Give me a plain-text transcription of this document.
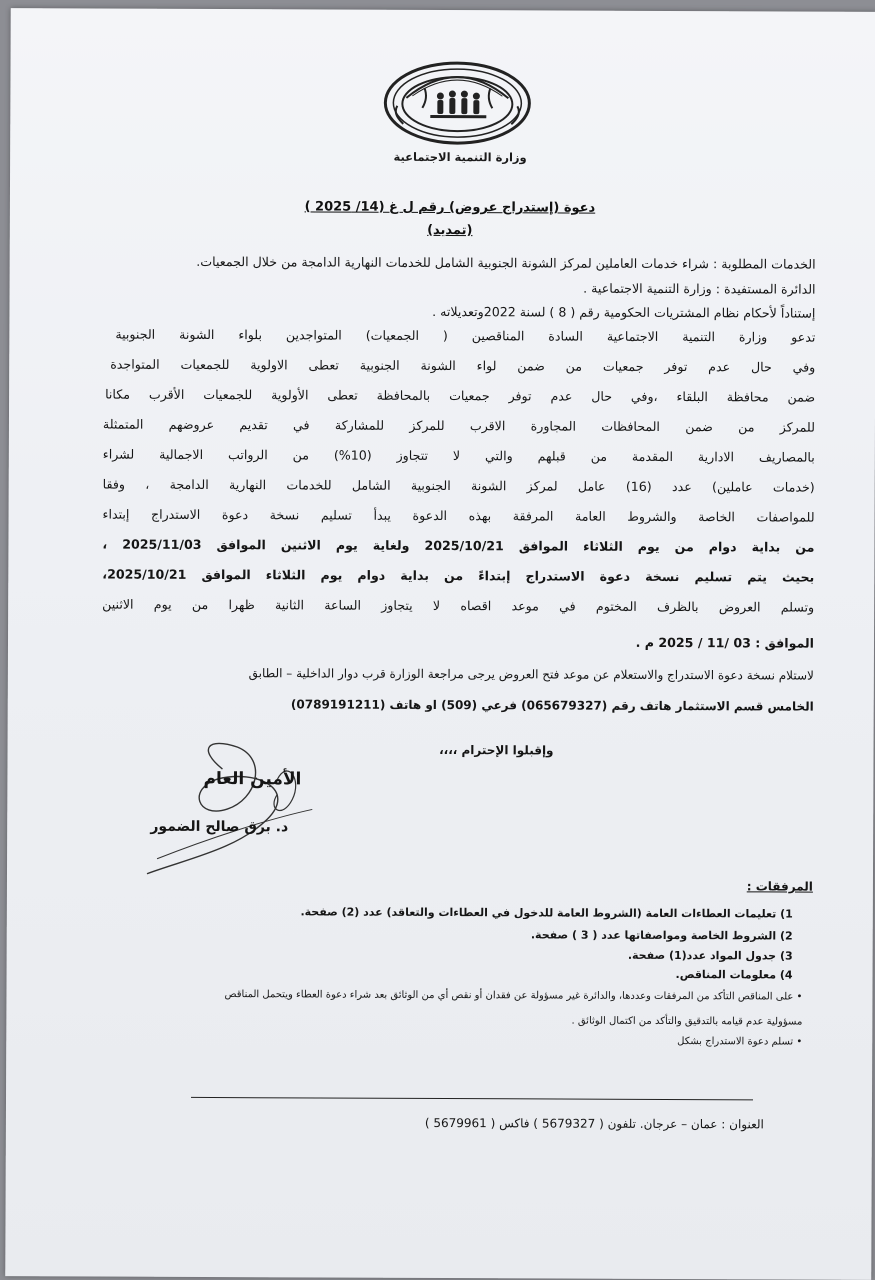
وزارة التنمية الاجتماعية
دعوة (إستدراج عروض) رقم ل غ (14/ 2025 )
(تمديد)
الخدمات المطلوبة : شراء خدمات العاملين لمركز الشونة الجنوبية الشامل للخدمات النهارية الدامجة من خلال الجمعيات.
الدائرة المستفيدة : وزارة التنمية الاجتماعية .
إستناداً لأحكام نظام المشتريات الحكومية رقم ( 8 ) لسنة 2022وتعديلاته .
تدعو وزارة التنمية الاجتماعية السادة المناقصين ( الجمعيات) المتواجدين بلواء الشونة الجنوبية
وفي حال عدم توفر جمعيات من ضمن لواء الشونة الجنوبية تعطى الاولوية للجمعيات المتواجدة
ضمن محافظة البلقاء ،وفي حال عدم توفر جمعيات بالمحافظة تعطى الأولوية للجمعيات الأقرب مكانا
للمركز من ضمن المحافظات المجاورة الاقرب للمركز للمشاركة في تقديم عروضهم المتمثلة
بالمصاريف الادارية المقدمة من قبلهم والتي لا تتجاوز (10%) من الرواتب الاجمالية لشراء
(خدمات عاملين) عدد (16) عامل لمركز الشونة الجنوبية الشامل للخدمات النهارية الدامجة ، وفقا
للمواصفات الخاصة والشروط العامة المرفقة بهذه الدعوة يبدأ تسليم نسخة دعوة الاستدراج إبتداء
من بداية دوام من يوم الثلاثاء الموافق 2025/10/21 ولغاية يوم الاثنين الموافق 2025/11/03 ،
بحيث يتم تسليم نسخة دعوة الاستدراج إبتداءً من بداية دوام يوم الثلاثاء الموافق 2025/10/21،
وتسلم العروض بالظرف المختوم في موعد اقصاه لا يتجاوز الساعة الثانية ظهرا من يوم الاثنين
الموافق : 03 /11 / 2025 م .
لاستلام نسخة دعوة الاستدراج والاستعلام عن موعد فتح العروض يرجى مراجعة الوزارة قرب دوار الداخلية – الطابق
الخامس قسم الاستثمار هاتف رقم (065679327) فرعي (509) او هاتف (0789191211)
وإقبلوا الإحترام ،،،،
الأمين العام
د. برق صالح الضمور
المرفقات :
1) تعليمات العطاءات العامة (الشروط العامة للدخول في العطاءات والتعاقد) عدد (2) صفحة.
2) الشروط الخاصة ومواصفاتها عدد ( 3 ) صفحة.
3) جدول المواد عدد(1) صفحة.
4) معلومات المناقص.
• على المناقص التأكد من المرفقات وعددها، والدائرة غير مسؤولة عن فقدان أو نقص أي من الوثائق بعد شراء دعوة العطاء ويتحمل المناقص
مسؤولية عدم قيامه بالتدقيق والتأكد من اكتمال الوثائق .
• تسلم دعوة الاستدراج بشكل
العنوان : عمان – عرجان. تلفون ( 5679327 ) فاكس ( 5679961 )
